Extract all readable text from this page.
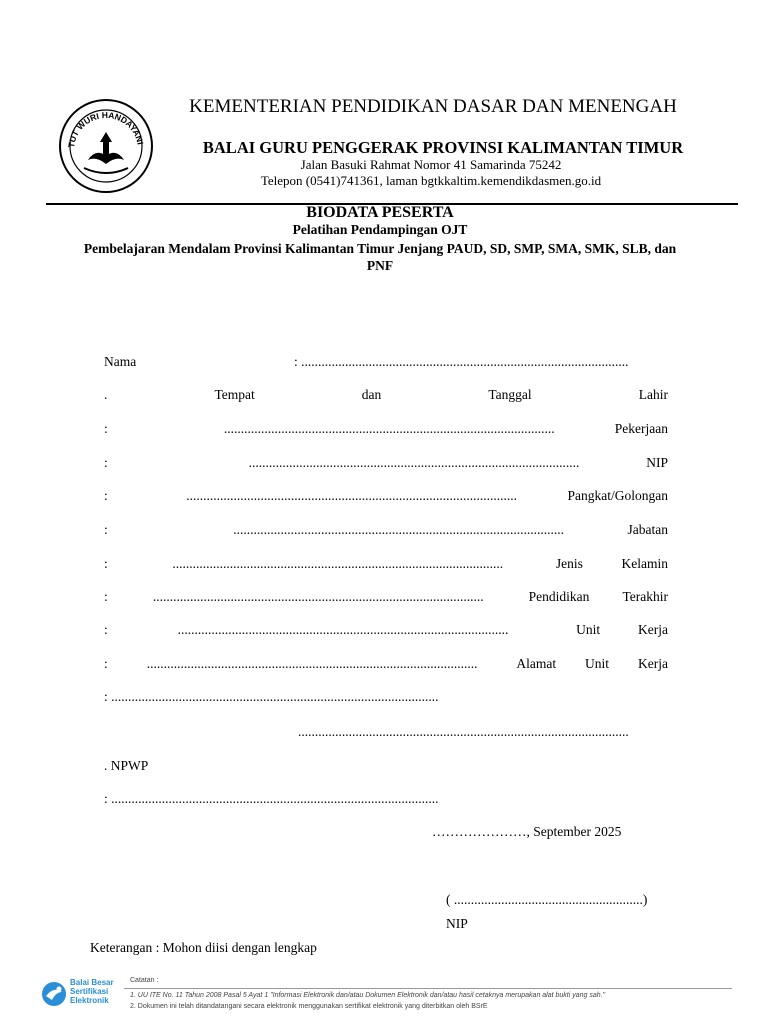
TUT WURI HANDAYANI
KEMENTERIAN PENDIDIKAN DASAR DAN MENENGAH
BALAI GURU PENGGERAK PROVINSI KALIMANTAN TIMUR
Jalan Basuki Rahmat Nomor 41 Samarinda 75242
Telepon (0541)741361, laman bgtkkaltim.kemendikdasmen.go.id
BIODATA PESERTA
Pelatihan Pendampingan OJT
Pembelajaran Mendalam Provinsi Kalimantan Timur Jenjang PAUD, SD, SMP, SMA, SMK, SLB, dan PNF
Nama	: .................................................................................................
.	Tempat	dan	Tanggal	Lahir
:	..................................................................................................	Pekerjaan
:	..................................................................................................	NIP
:	..................................................................................................	Pangkat/Golongan
:	..................................................................................................	Jabatan
:	..................................................................................................	Jenis	Kelamin
:	..................................................................................................	Pendidikan Terakhir
:	..................................................................................................	Unit	Kerja
:	..................................................................................................	Alamat Unit Kerja
: .................................................................................................
..................................................................................................
. NPWP
: .................................................................................................
…………………, September 2025
( ........................................................)
NIP
Keterangan : Mohon diisi dengan lengkap
Balai Besar
Sertifikasi
Elektronik
Catatan :
1. UU ITE No. 11 Tahun 2008 Pasal 5 Ayat 1 "Informasi Elektronik dan/atau Dokumen Elektronik dan/atau hasil cetaknya merupakan alat bukti yang sah."
2. Dokumen ini telah ditandatangani secara elektronik menggunakan sertifikat elektronik yang diterbitkan oleh BSrE
